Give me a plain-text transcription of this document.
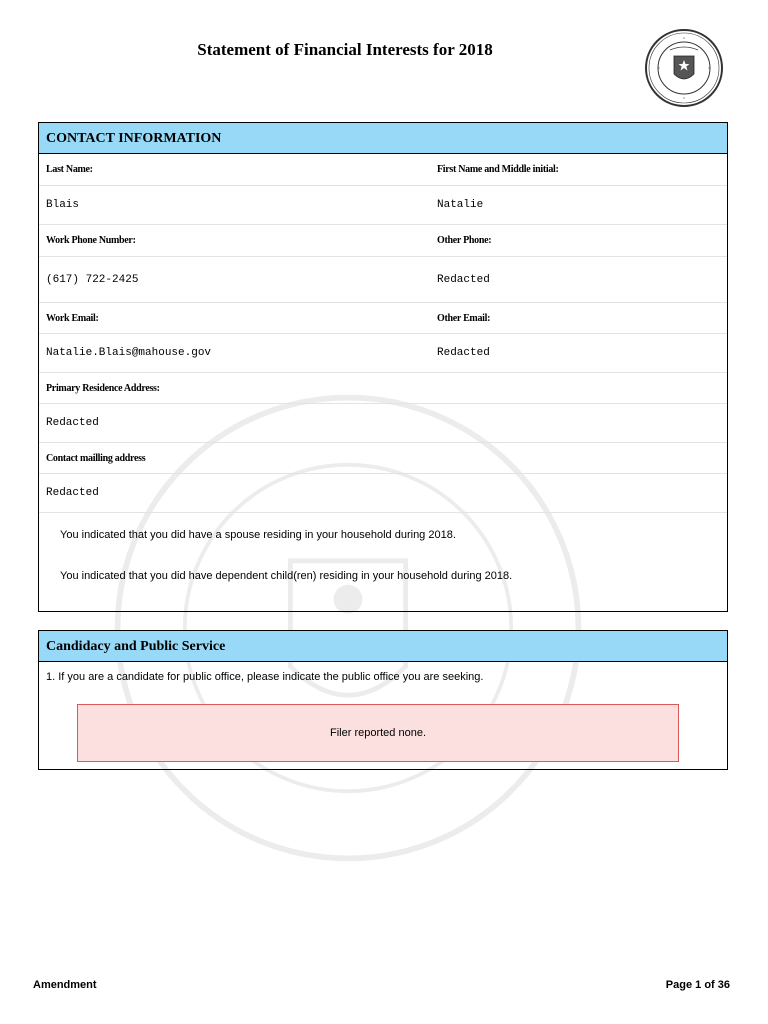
Statement of Financial Interests for 2018
CONTACT INFORMATION
Last Name:	First Name and Middle initial:
Blais	Natalie
Work Phone Number:	Other Phone:
(617) 722-2425	Redacted
Work Email:	Other Email:
Natalie.Blais@mahouse.gov	Redacted
Primary Residence Address:
Redacted
Contact mailling address
Redacted
You indicated that you did have a spouse residing in your household during 2018.
You indicated that you did have dependent child(ren) residing in your household during 2018.
Candidacy and Public Service
1. If you are a candidate for public office, please indicate the public office you are seeking.
Filer reported none.
Amendment	Page 1 of 36
